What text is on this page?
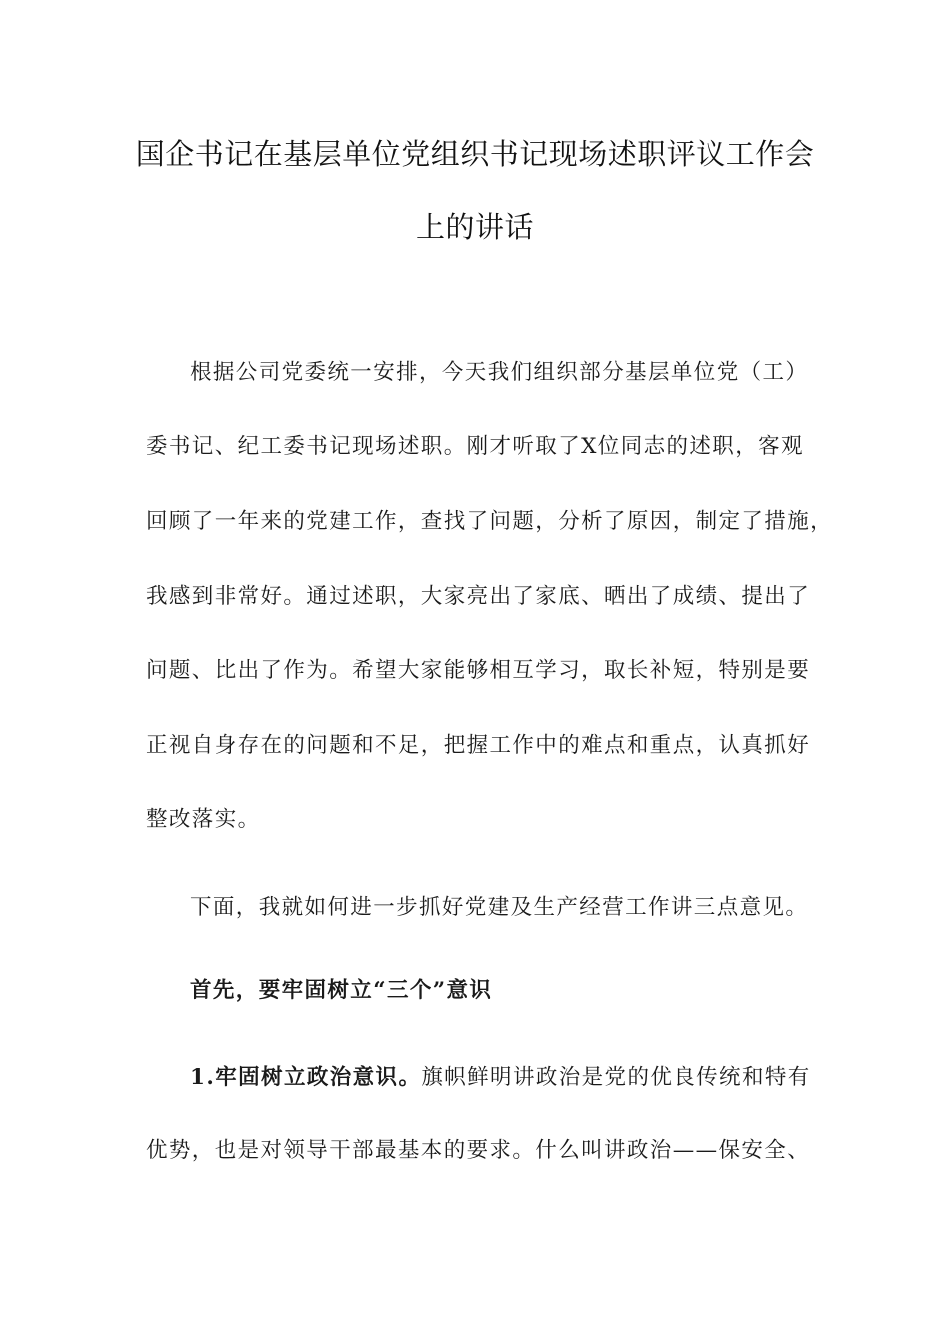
国企书记在基层单位党组织书记现场述职评议工作会
上的讲话
根据公司党委统一安排，今天我们组织部分基层单位党（工）
委书记、纪工委书记现场述职。刚才听取了X位同志的述职，客观
回顾了一年来的党建工作，查找了问题，分析了原因，制定了措施，
我感到非常好。通过述职，大家亮出了家底、晒出了成绩、提出了
问题、比出了作为。希望大家能够相互学习，取长补短，特别是要
正视自身存在的问题和不足，把握工作中的难点和重点，认真抓好
整改落实。
下面，我就如何进一步抓好党建及生产经营工作讲三点意见。
首先，要牢固树立“三个”意识
1.牢固树立政治意识。旗帜鲜明讲政治是党的优良传统和特有
优势，也是对领导干部最基本的要求。什么叫讲政治——保安全、
